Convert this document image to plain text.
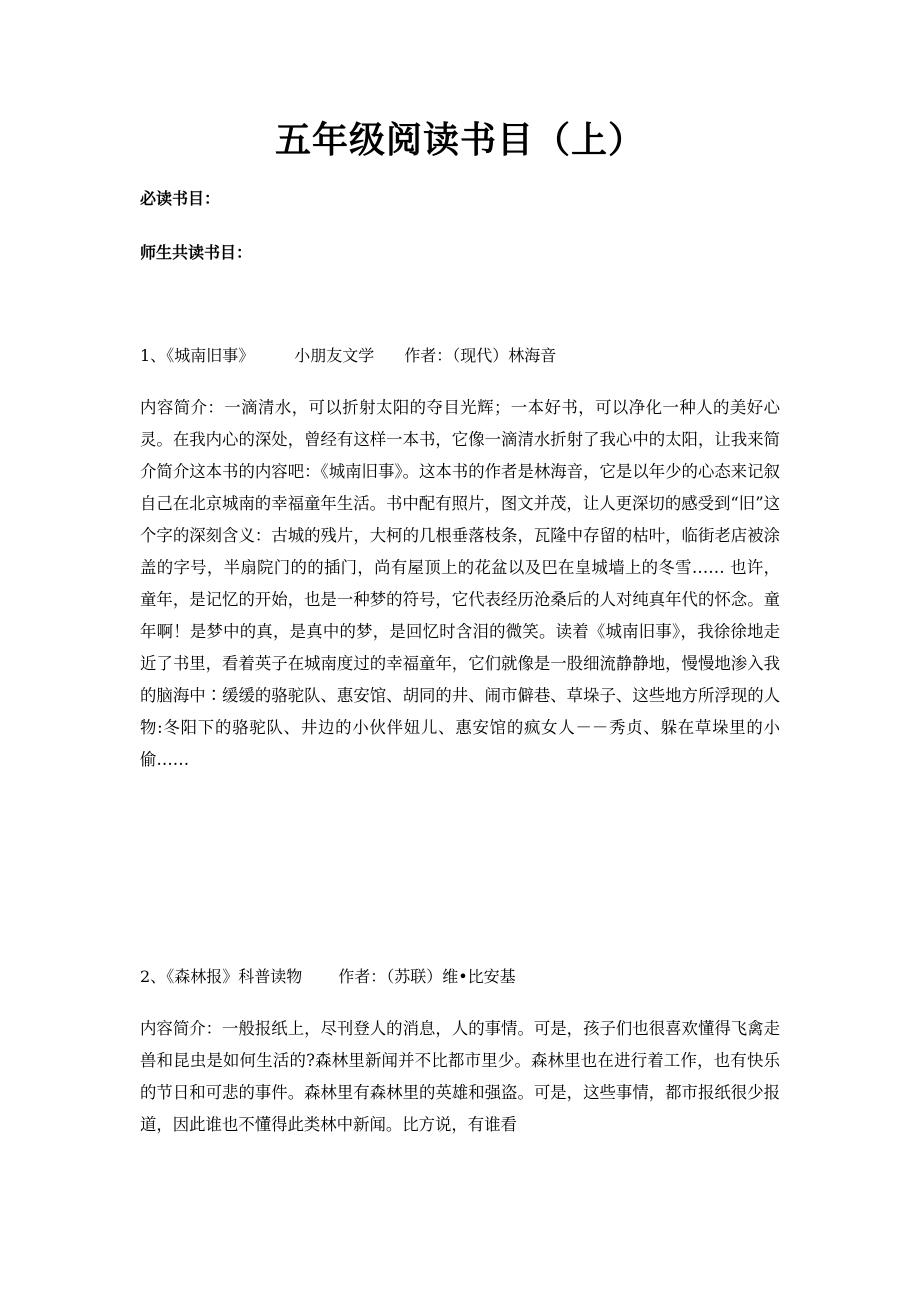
五年级阅读书目（上）

必读书目：

师生共读书目：

1、《城南旧事》	小朋友文学 作者：（现代）林海音

内容简介：一滴清水，可以折射太阳的夺目光辉；一本好书，可以净化一种人的美好心灵。在我内心的深处，曾经有这样一本书，它像一滴清水折射了我心中的太阳，让我来简介简介这本书的内容吧：《城南旧事》。这本书的作者是林海音，它是以年少的心态来记叙自己在北京城南的幸福童年生活。书中配有照片，图文并茂，让人更深切的感受到“旧”这个字的深刻含义：古城的残片，大柯的几根垂落枝条，瓦隆中存留的枯叶，临街老店被涂盖的字号，半扇院门的的插门，尚有屋顶上的花盆以及巴在皇城墙上的冬雪…… 也许，童年，是记忆的开始，也是一种梦的符号，它代表经历沧桑后的人对纯真年代的怀念。童年啊！是梦中的真，是真中的梦，是回忆时含泪的微笑。读着《城南旧事》，我徐徐地走近了书里，看着英子在城南度过的幸福童年，它们就像是一股细流静静地，慢慢地渗入我的脑海中∶缓缓的骆驼队、惠安馆、胡同的井、闹市僻巷、草垛子、这些地方所浮现的人物:冬阳下的骆驼队、井边的小伙伴妞儿、惠安馆的疯女人－－秀贞、躲在草垛里的小偷……

2、《森林报》科普读物 作者：（苏联）维•比安基

内容简介：一般报纸上，尽刊登人的消息，人的事情。可是，孩子们也很喜欢懂得飞禽走兽和昆虫是如何生活的?森林里新闻并不比都市里少。森林里也在进行着工作，也有快乐的节日和可悲的事件。森林里有森林里的英雄和强盗。可是，这些事情，都市报纸很少报道，因此谁也不懂得此类林中新闻。比方说，有谁看
